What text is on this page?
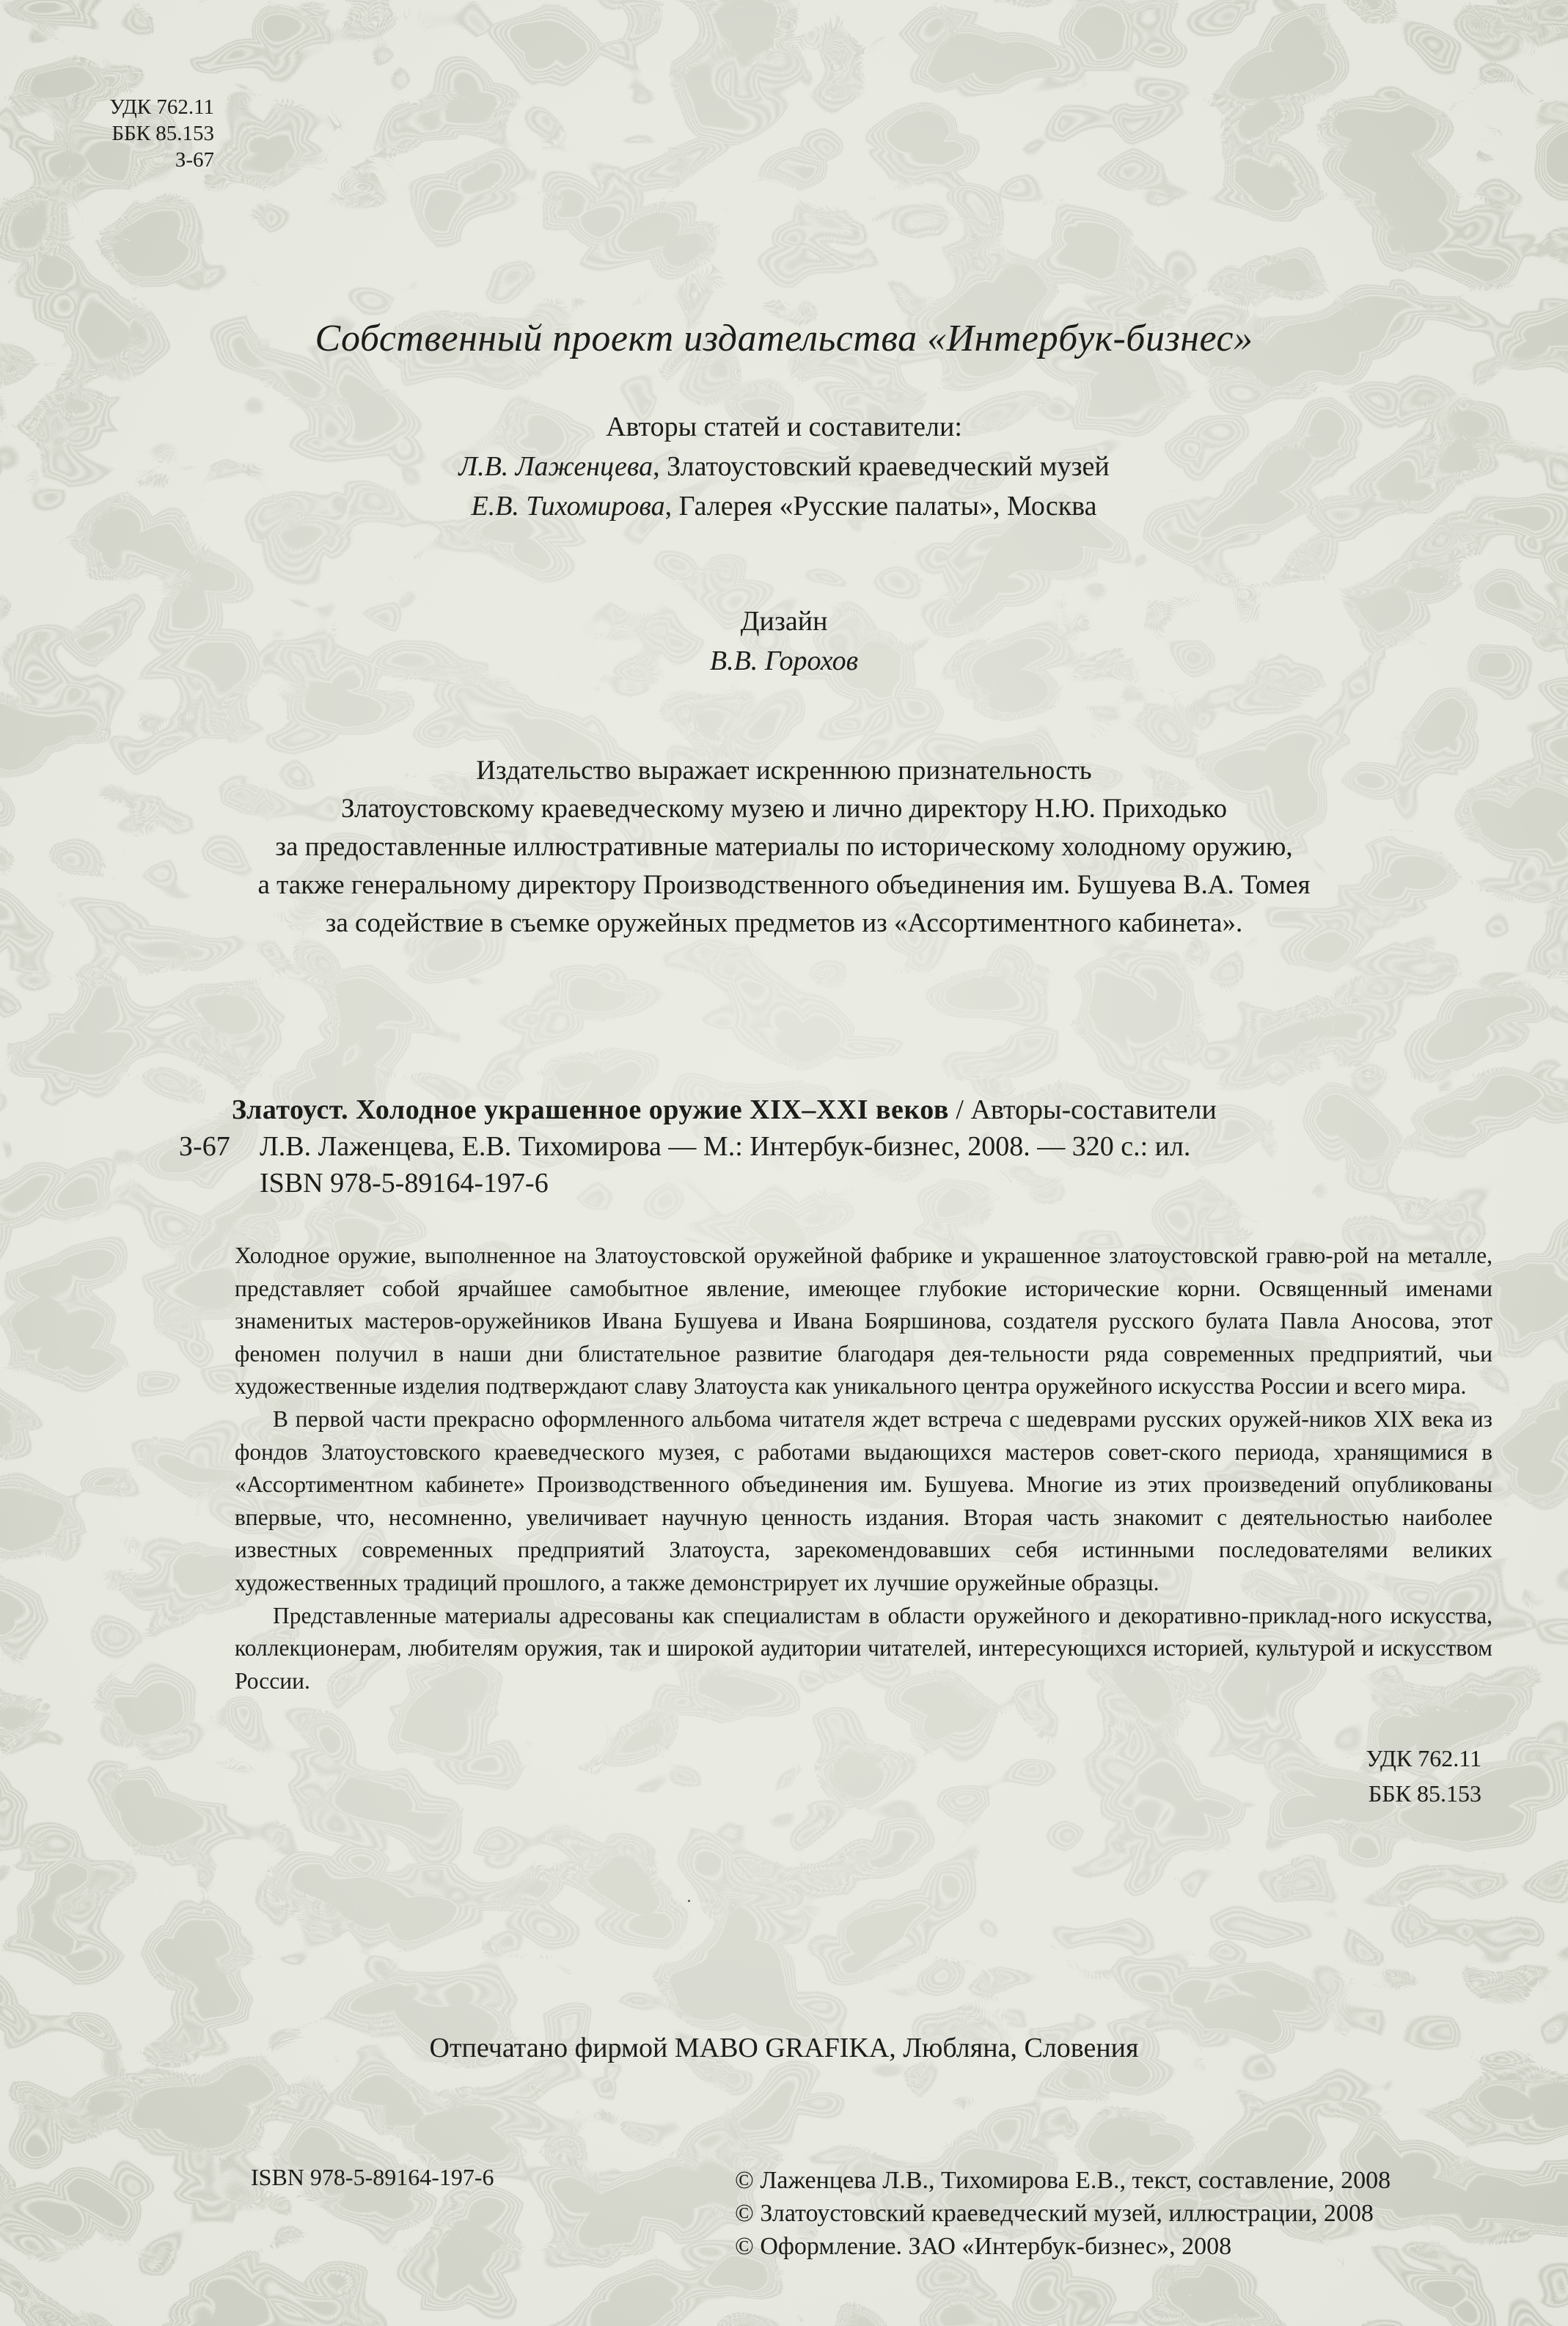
УДК 762.11
ББК 85.153
З-67
Собственный проект издательства «Интербук-бизнес»
Авторы статей и составители:
Л.В. Лаженцева, Златоустовский краеведческий музей
Е.В. Тихомирова, Галерея «Русские палаты», Москва
Дизайн
В.В. Горохов
Издательство выражает искреннюю признательность
Златоустовскому краеведческому музею и лично директору Н.Ю. Приходько
за предоставленные иллюстративные материалы по историческому холодному оружию,
а также генеральному директору Производственного объединения им. Бушуева В.А. Томея
за содействие в съемке оружейных предметов из «Ассортиментного кабинета».
Златоуст. Холодное украшенное оружие XIX–XXI веков / Авторы-составители
З-67 Л.В. Лаженцева, Е.В. Тихомирова — М.: Интербук-бизнес, 2008. — 320 с.: ил.
ISBN 978-5-89164-197-6

Холодное оружие, выполненное на Златоустовской оружейной фабрике и украшенное златоустовской гравю-рой на металле, представляет собой ярчайшее самобытное явление, имеющее глубокие исторические корни. Освященный именами знаменитых мастеров-оружейников Ивана Бушуева и Ивана Бояршинова, создателя русского булата Павла Аносова, этот феномен получил в наши дни блистательное развитие благодаря дея-тельности ряда современных предприятий, чьи художественные изделия подтверждают славу Златоуста как уникального центра оружейного искусства России и всего мира.

В первой части прекрасно оформленного альбома читателя ждет встреча с шедеврами русских оружей-ников XIX века из фондов Златоустовского краеведческого музея, с работами выдающихся мастеров совет-ского периода, хранящимися в «Ассортиментном кабинете» Производственного объединения им. Бушуева. Многие из этих произведений опубликованы впервые, что, несомненно, увеличивает научную ценность издания. Вторая часть знакомит с деятельностью наиболее известных современных предприятий Златоуста, зарекомендовавших себя истинными последователями великих художественных традиций прошлого, а также демонстрирует их лучшие оружейные образцы.

Представленные материалы адресованы как специалистам в области оружейного и декоративно-приклад-ного искусства, коллекционерам, любителям оружия, так и широкой аудитории читателей, интересующихся историей, культурой и искусством России.

УДК 762.11
ББК 85.153
Отпечатано фирмой MABO GRAFIKA, Любляна, Словения
ISBN 978-5-89164-197-6	© Лаженцева Л.В., Тихомирова Е.В., текст, составление, 2008
© Златоустовский краеведческий музей, иллюстрации, 2008
© Оформление. ЗАО «Интербук-бизнес», 2008
